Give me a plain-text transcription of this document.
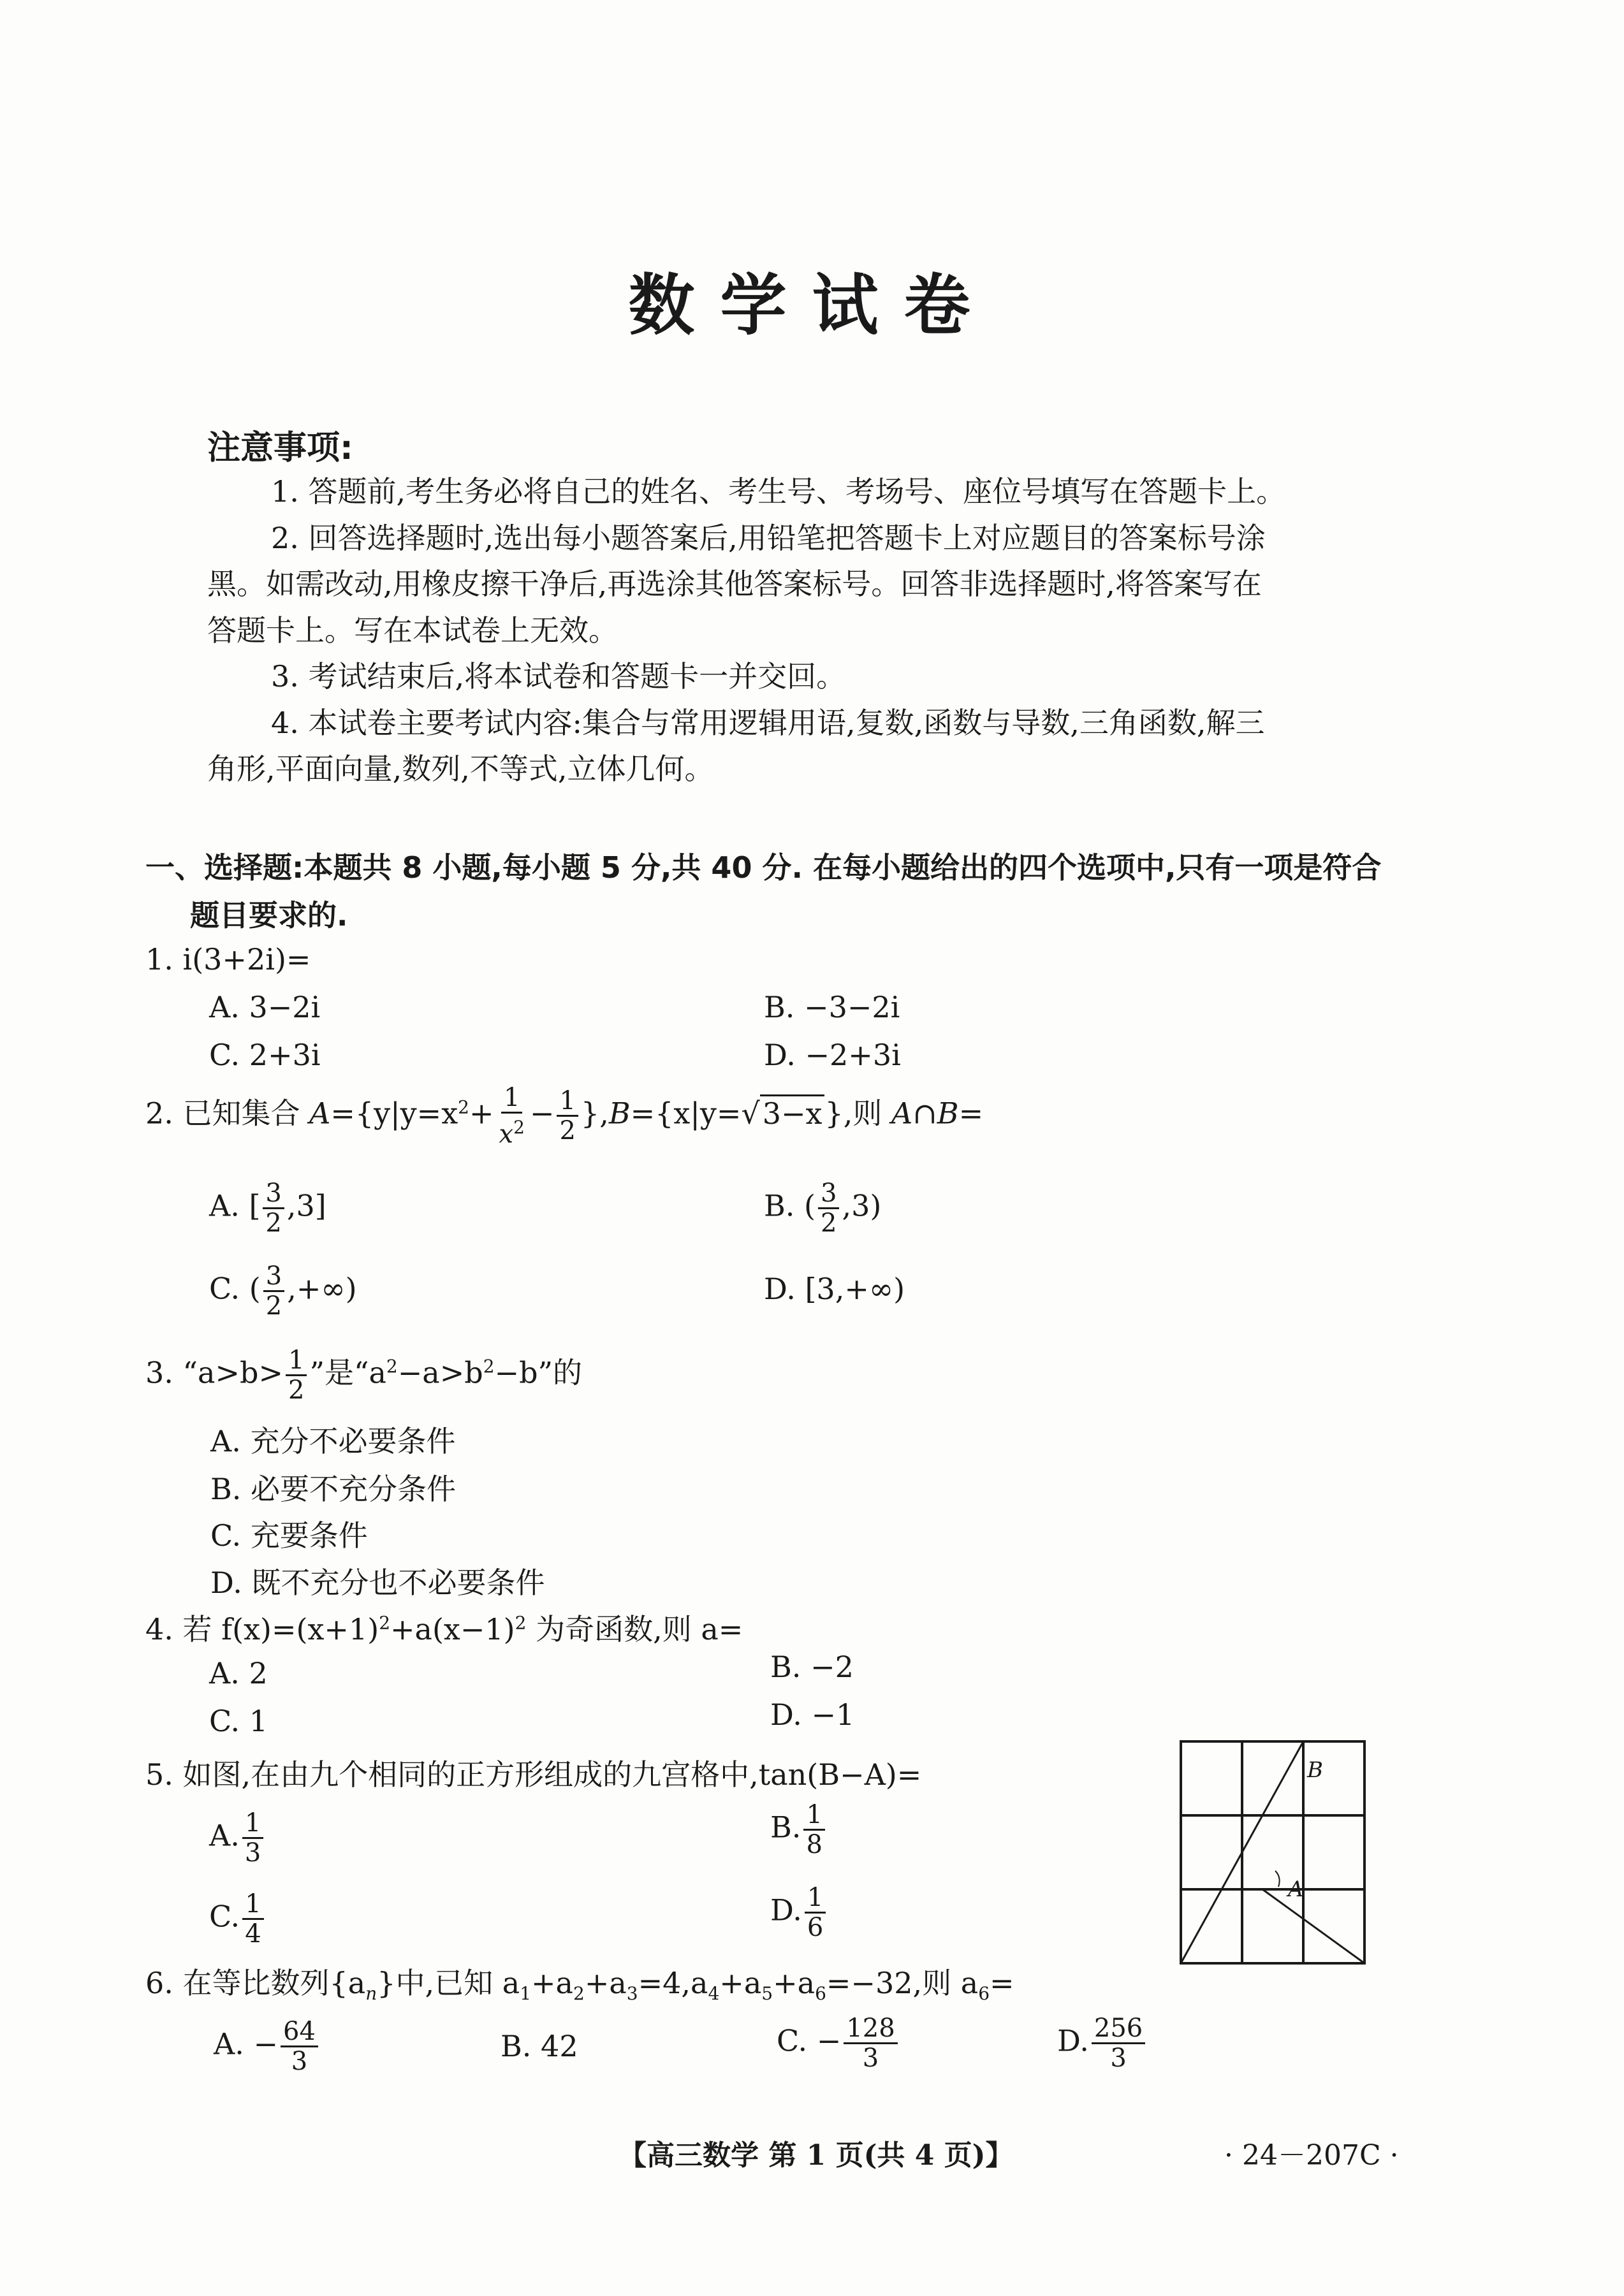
数学试卷
注意事项:
1. 答题前,考生务必将自己的姓名、考生号、考场号、座位号填写在答题卡上。
2. 回答选择题时,选出每小题答案后,用铅笔把答题卡上对应题目的答案标号涂
黑。如需改动,用橡皮擦干净后,再选涂其他答案标号。回答非选择题时,将答案写在
答题卡上。写在本试卷上无效。
3. 考试结束后,将本试卷和答题卡一并交回。
4. 本试卷主要考试内容:集合与常用逻辑用语,复数,函数与导数,三角函数,解三
角形,平面向量,数列,不等式,立体几何。
一、选择题:本题共 8 小题,每小题 5 分,共 40 分. 在每小题给出的四个选项中,只有一项是符合
题目要求的.
1. i(3+2i)=
A. 3−2i	B. −3−2i
C. 2+3i	D. −2+3i
2. 已知集合 $A=\{y|y=x^2+ \frac{1}{x^2} - \frac{1}{2} \},B=\{x|y=√3-x\}$,则 A∩B=
A. [ $\frac{3}{2} ,3$]	B. ( $\frac{3}{2} ,3$)
C. ( $\frac{3}{2}$ ,+∞)	D. [3,+∞)
3. “$a>b> \frac{1}{2}$ ”是“$a^2-a>b^2-b$”的
A. 充分不必要条件
B. 必要不充分条件
C. 充要条件
D. 既不充分也不必要条件
4. 若 $f(x)=(x+1)^2+a(x-1)^2$ 为奇函数,则 a=
A. 2	B. −2
C. 1	D. −1
5. 如图,在由九个相同的正方形组成的九宫格中,tan(B−A)=
A. $\frac{1}{3}$	B. $\frac{1}{8}$
C. $\frac{1}{4}$	D. $\frac{1}{6}$
B
A
6. 在等比数列$\{a_n\}$中,已知 $a_1+a_2+a_3=4,a_4+a_5+a_6=-32$,则 $a_6=$
A. − $\frac{64}{3}$	B. 42	C. − $\frac{128}{3}$	D. $\frac{256}{3}$
【高三数学 第 1 页(共 4 页)】	· 24－207C ·
